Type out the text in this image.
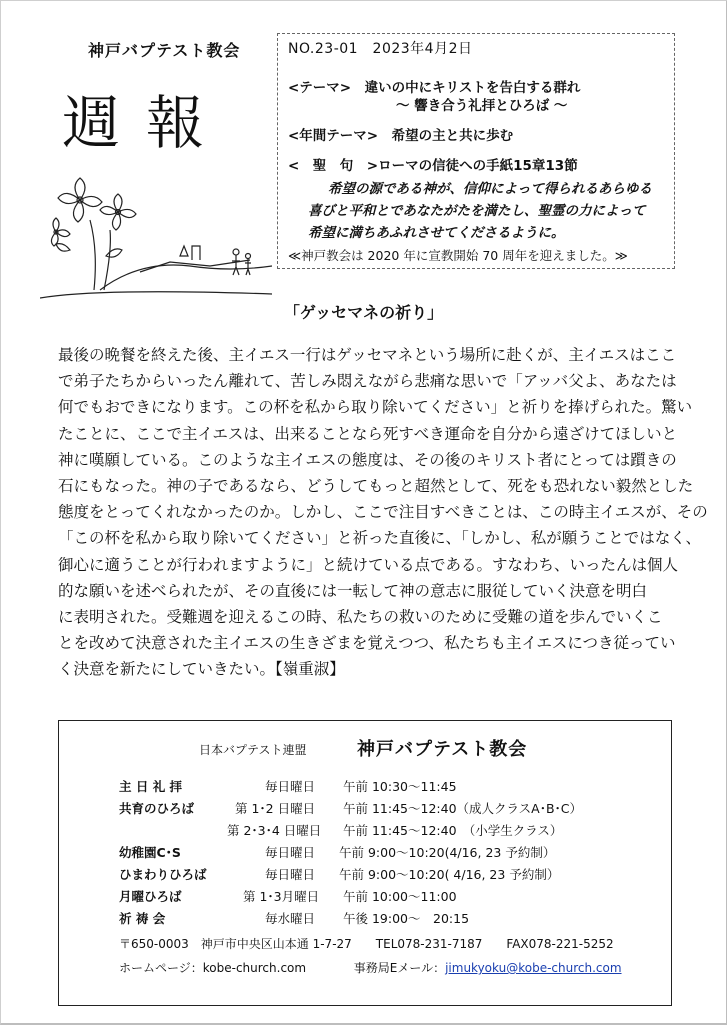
神戸バプテスト教会
週報
NO.23-01　2023年4月2日
<テーマ>　違いの中にキリストを告白する群れ
～ 響き合う礼拝とひろば ～
<年間テーマ>　希望の主と共に歩む
<　聖　句　>ローマの信徒への手紙15章13節
希望の源である神が、信仰によって得られるあらゆる
喜びと平和とであなたがたを満たし、聖霊の力によって
希望に満ちあふれさせてくださるように。
≪神戸教会は 2020 年に宣教開始 70 周年を迎えました。≫
「ゲッセマネの祈り」
最後の晩餐を終えた後、主イエス一行はゲッセマネという場所に赴くが、主イエスはここ
で弟子たちからいったん離れて、苦しみ悶えながら悲痛な思いで「アッバ父よ、あなたは
何でもおできになります。この杯を私から取り除いてください」と祈りを捧げられた。驚い
たことに、ここで主イエスは、出来ることなら死すべき運命を自分から遠ざけてほしいと
神に嘆願している。このような主イエスの態度は、その後のキリスト者にとっては躓きの
石にもなった。神の子であるなら、どうしてもっと超然として、死をも恐れない毅然とした
態度をとってくれなかったのか。しかし、ここで注目すべきことは、この時主イエスが、その
「この杯を私から取り除いてください」と祈った直後に、「しかし、私が願うことではなく、
御心に適うことが行われますように」と続けている点である。すなわち、いったんは個人
的な願いを述べられたが、その直後には一転して神の意志に服従していく決意を明白
に表明された。受難週を迎えるこの時、私たちの救いのために受難の道を歩んでいくこ
とを改めて決意された主イエスの生きざまを覚えつつ、私たちも主イエスにつき従ってい
く決意を新たにしていきたい。【嶺重淑】
日本バプテスト連盟	神戸バプテスト教会
主 日 礼 拝	毎日曜日 午前 10:30～11:45
共育のひろば	第 1･2 日曜日 午前 11:45～12:40（成人クラスA･B･C）
第 2･3･4 日曜日 午前 11:45～12:40　（小学生クラス）
幼稚園C･S	毎日曜日 午前 9:00～10:20(4/16, 23 予約制）
ひまわりひろば	毎日曜日 午前 9:00～10:20( 4/16, 23 予約制）
月曜ひろば	第 1･3月曜日 午前 10:00～11:00
祈 祷 会	毎水曜日 午後 19:00～　20:15
〒650-0003　神戸市中央区山本通 1-7-27　　TEL078-231-7187　　FAX078-221-5252
ホームページ：kobe-church.com	事務局Eメール：jimukyoku@kobe-church.com
